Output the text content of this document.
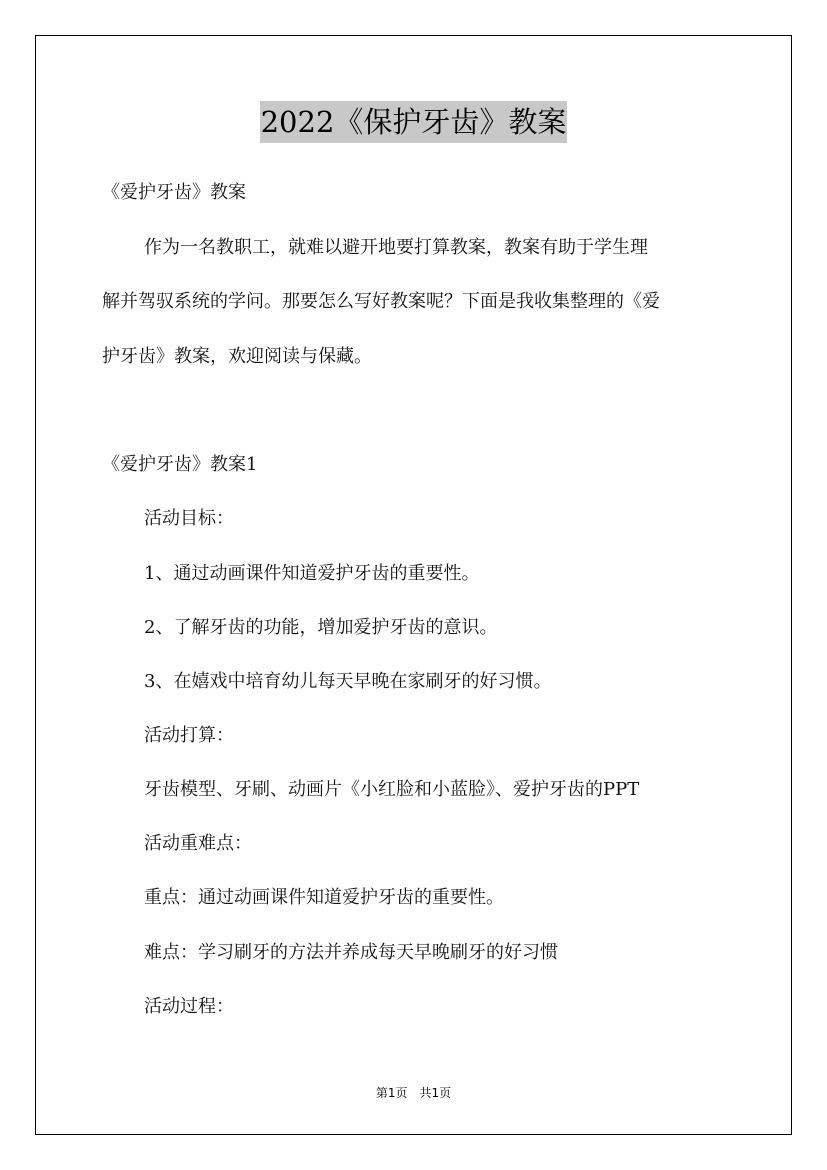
2022《保护牙齿》教案
《爱护牙齿》教案
作为一名教职工，就难以避开地要打算教案，教案有助于学生理
解并驾驭系统的学问。那要怎么写好教案呢？下面是我收集整理的《爱
护牙齿》教案，欢迎阅读与保藏。
《爱护牙齿》教案1
活动目标：
1、通过动画课件知道爱护牙齿的重要性。
2、了解牙齿的功能，增加爱护牙齿的意识。
3、在嬉戏中培育幼儿每天早晚在家刷牙的好习惯。
活动打算：
牙齿模型、牙刷、动画片《小红脸和小蓝脸》、爱护牙齿的PPT
活动重难点：
重点：通过动画课件知道爱护牙齿的重要性。
难点：学习刷牙的方法并养成每天早晚刷牙的好习惯
活动过程：
第1页　共1页
